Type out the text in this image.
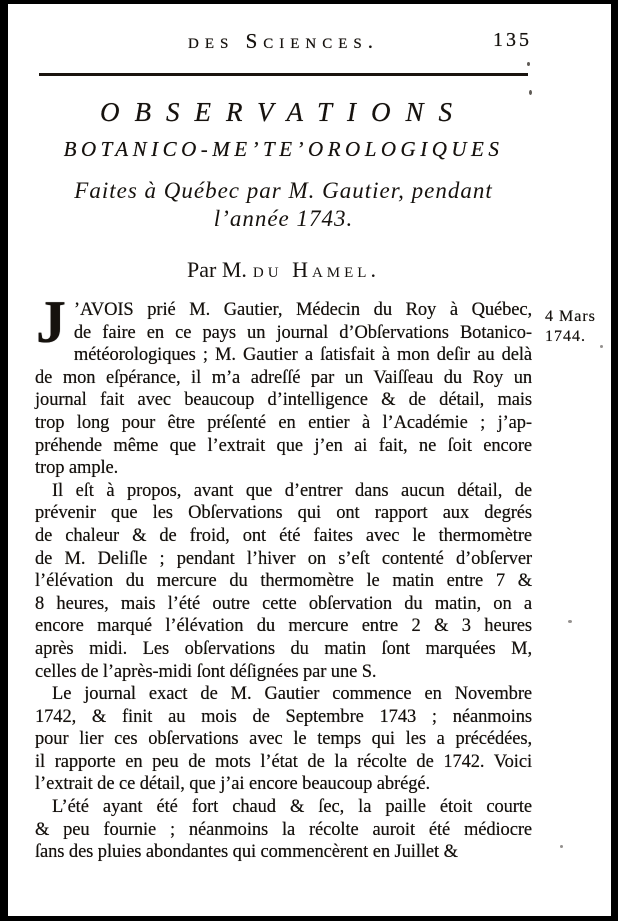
des Sciences.	135
OBSERVATIONS
BOTANICO-ME’TE’OROLOGIQUES
Faites à Québec par M. Gautier, pendant
l’année 1743.
Par M. du Hamel.
J ’AVOIS prié M. Gautier, Médecin du Roy à Québec,
de faire en ce pays un journal d’Obſervations Botanico-
météorologiques ; M. Gautier a ſatisfait à mon deſir au delà
de mon eſpérance, il m’a adreſſé par un Vaiſſeau du Roy un
journal fait avec beaucoup d’intelligence & de détail, mais
trop long pour être préſenté en entier à l’Académie ; j’ap-
préhende même que l’extrait que j’en ai fait, ne ſoit encore
trop ample.
Il eſt à propos, avant que d’entrer dans aucun détail, de
prévenir que les Obſervations qui ont rapport aux degrés
de chaleur & de froid, ont été faites avec le thermomètre
de M. Deliſle ; pendant l’hiver on s’eſt contenté d’obſerver
l’élévation du mercure du thermomètre le matin entre 7 &
8 heures, mais l’été outre cette obſervation du matin, on a
encore marqué l’élévation du mercure entre 2 & 3 heures
après midi. Les obſervations du matin ſont marquées M,
celles de l’après-midi ſont déſignées par une S.
Le journal exact de M. Gautier commence en Novembre
1742, & finit au mois de Septembre 1743 ; néanmoins
pour lier ces obſervations avec le temps qui les a précédées,
il rapporte en peu de mots l’état de la récolte de 1742. Voici
l’extrait de ce détail, que j’ai encore beaucoup abrégé.
L’été ayant été fort chaud & ſec, la paille étoit courte
& peu fournie ; néanmoins la récolte auroit été médiocre
ſans des pluies abondantes qui commencèrent en Juillet &
4 Mars
1744.
